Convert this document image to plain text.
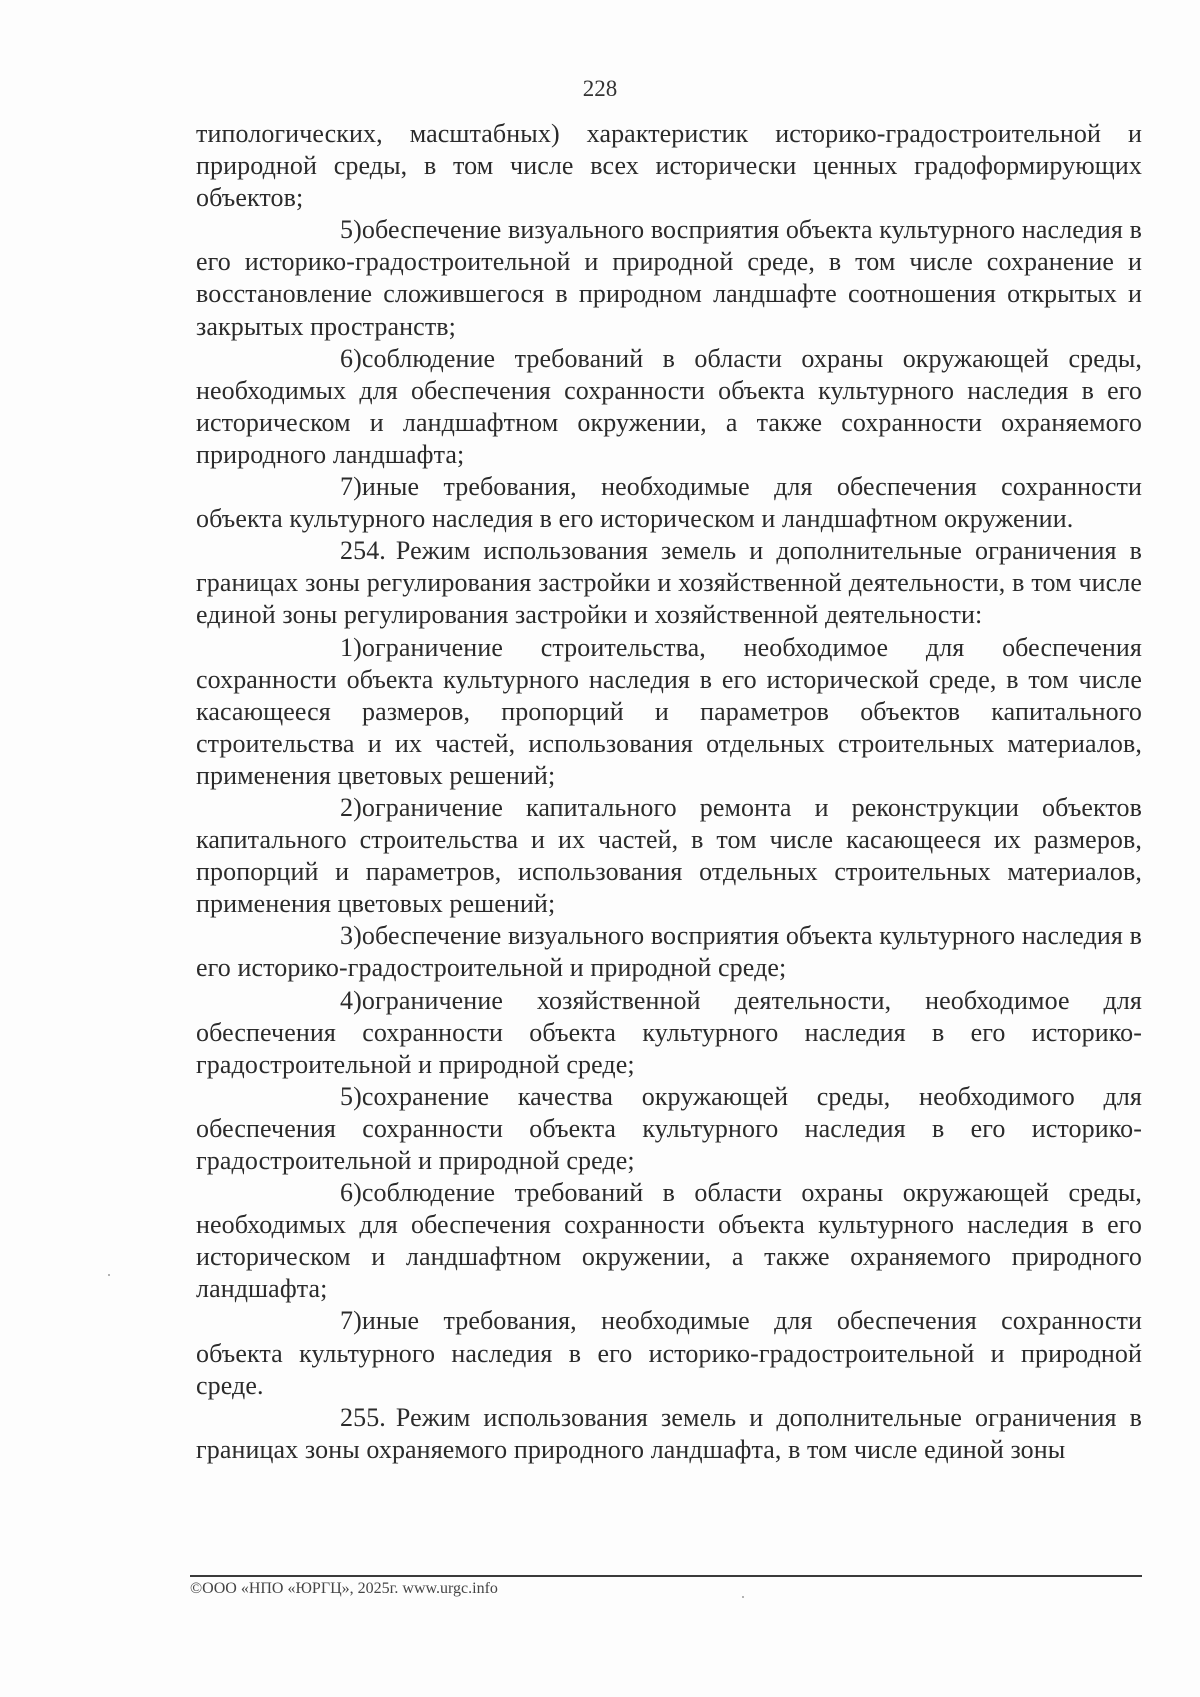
228

типологических, масштабных) характеристик историко-градостроительной и природной среды, в том числе всех исторически ценных градоформирующих объектов;

5)обеспечение визуального восприятия объекта культурного наследия в его историко-градостроительной и природной среде, в том числе сохранение и восстановление сложившегося в природном ландшафте соотношения открытых и закрытых пространств;

6)соблюдение требований в области охраны окружающей среды, необходимых для обеспечения сохранности объекта культурного наследия в его историческом и ландшафтном окружении, а также сохранности охраняемого природного ландшафта;

7)иные требования, необходимые для обеспечения сохранности объекта культурного наследия в его историческом и ландшафтном окружении.

254. Режим использования земель и дополнительные ограничения в границах зоны регулирования застройки и хозяйственной деятельности, в том числе единой зоны регулирования застройки и хозяйственной деятельности:

1)ограничение строительства, необходимое для обеспечения сохранности объекта культурного наследия в его исторической среде, в том числе касающееся размеров, пропорций и параметров объектов капитального строительства и их частей, использования отдельных строительных материалов, применения цветовых решений;

2)ограничение капитального ремонта и реконструкции объектов капитального строительства и их частей, в том числе касающееся их размеров, пропорций и параметров, использования отдельных строительных материалов, применения цветовых решений;

3)обеспечение визуального восприятия объекта культурного наследия в его историко-градостроительной и природной среде;

4)ограничение хозяйственной деятельности, необходимое для обеспечения сохранности объекта культурного наследия в его историко-градостроительной и природной среде;

5)сохранение качества окружающей среды, необходимого для обеспечения сохранности объекта культурного наследия в его историко-градостроительной и природной среде;

6)соблюдение требований в области охраны окружающей среды, необходимых для обеспечения сохранности объекта культурного наследия в его историческом и ландшафтном окружении, а также охраняемого природного ландшафта;

7)иные требования, необходимые для обеспечения сохранности объекта культурного наследия в его историко-градостроительной и природной среде.

255. Режим использования земель и дополнительные ограничения в границах зоны охраняемого природного ландшафта, в том числе единой зоны

©ООО «НПО «ЮРГЦ», 2025г. www.urgc.info
